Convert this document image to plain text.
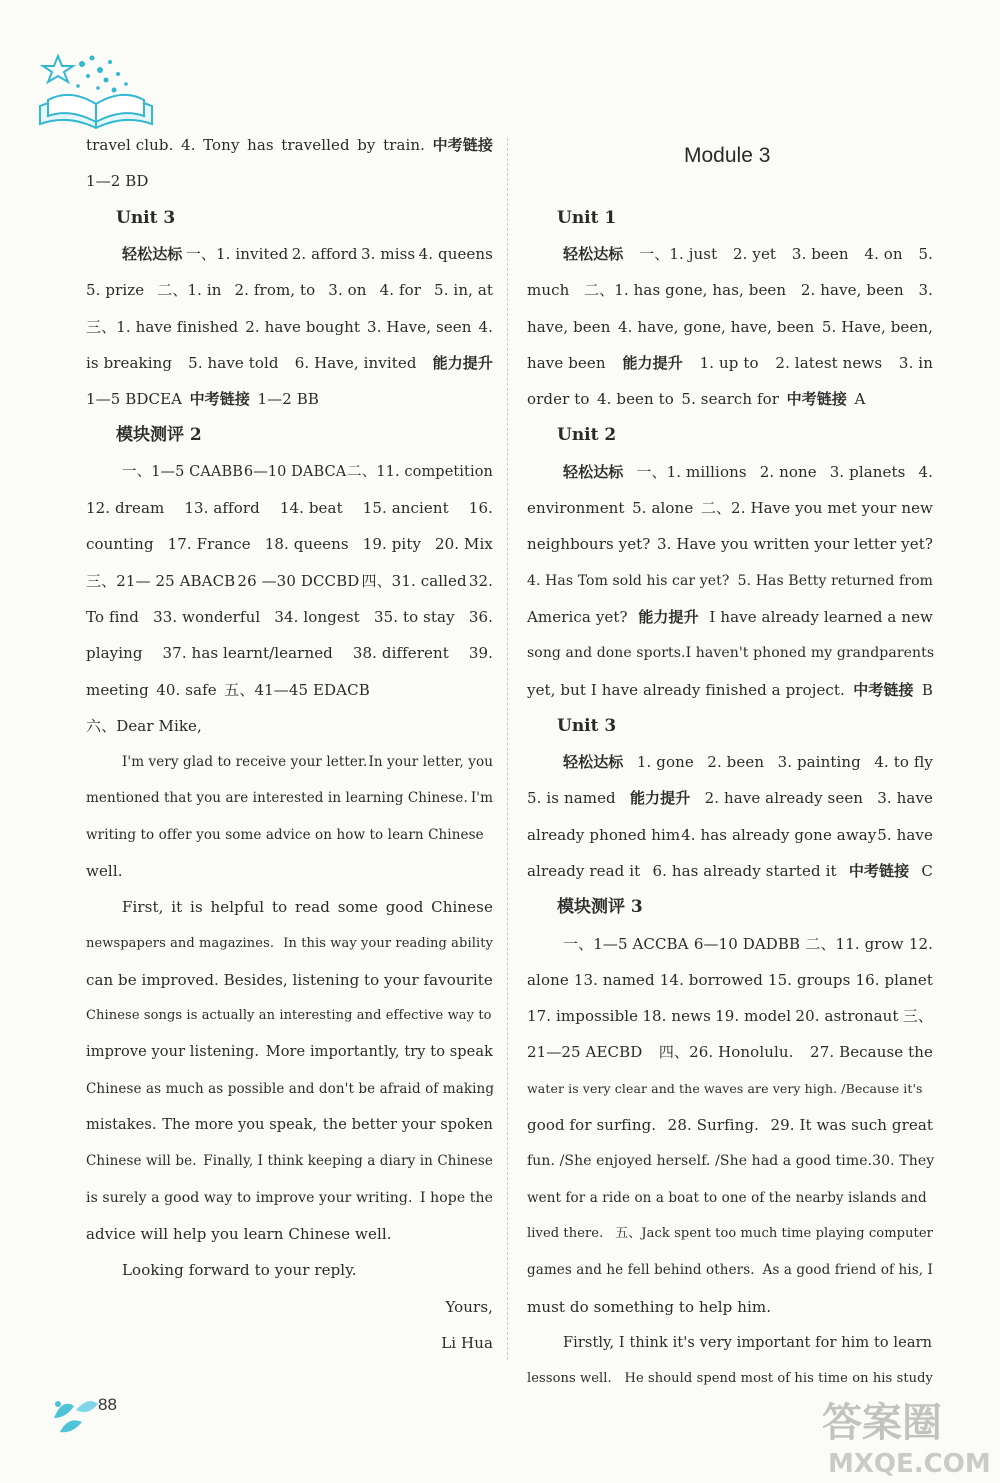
travel club. 4. Tony has travelled by train. 中考链接
1—2 BD
Unit 3
轻松达标 一、1. invited 2. afford 3. miss 4. queens
5. prize 二、1. in 2. from, to 3. on 4. for 5. in, at
三、1. have finished 2. have bought 3. Have, seen 4.
is breaking 5. have told 6. Have, invited 能力提升
1—5 BDCEA 中考链接 1—2 BB
模块测评 2
一、1—5 CAABB 6—10 DABCA 二、11. competition
12. dream 13. afford 14. beat 15. ancient 16.
counting 17. France 18. queens 19. pity 20. Mix
三、21— 25 ABACB 26 —30 DCCBD 四、31. called 32.
To find 33. wonderful 34. longest 35. to stay 36.
playing 37. has learnt/learned 38. different 39.
meeting 40. safe 五、41—45 EDACB
六、Dear Mike,
I'm very glad to receive your letter. In your letter, you
mentioned that you are interested in learning Chinese. I'm
writing to offer you some advice on how to learn Chinese
well.
First, it is helpful to read some good Chinese
newspapers and magazines. In this way your reading ability
can be improved. Besides, listening to your favourite
Chinese songs is actually an interesting and effective way to
improve your listening. More importantly, try to speak
Chinese as much as possible and don't be afraid of making
mistakes. The more you speak, the better your spoken
Chinese will be. Finally, I think keeping a diary in Chinese
is surely a good way to improve your writing. I hope the
advice will help you learn Chinese well.
Looking forward to your reply.
Yours,
Li Hua
Module 3
Unit 1
轻松达标 一、1. just 2. yet 3. been 4. on 5.
much 二、1. has gone, has, been 2. have, been 3.
have, been 4. have, gone, have, been 5. Have, been,
have been 能力提升 1. up to 2. latest news 3. in
order to 4. been to 5. search for 中考链接 A
Unit 2
轻松达标 一、1. millions 2. none 3. planets 4.
environment 5. alone 二、2. Have you met your new
neighbours yet? 3. Have you written your letter yet?
4. Has Tom sold his car yet? 5. Has Betty returned from
America yet? 能力提升 I have already learned a new
song and done sports. I haven't phoned my grandparents
yet, but I have already finished a project. 中考链接 B
Unit 3
轻松达标 1. gone 2. been 3. painting 4. to fly
5. is named 能力提升 2. have already seen 3. have
already phoned him 4. has already gone away 5. have
already read it 6. has already started it 中考链接 C
模块测评 3
一、1—5 ACCBA 6—10 DADBB 二、11. grow 12.
alone 13. named 14. borrowed 15. groups 16. planet
17. impossible 18. news 19. model 20. astronaut 三、
21—25 AECBD 四、26. Honolulu. 27. Because the
water is very clear and the waves are very high. /Because it's
good for surfing. 28. Surfing. 29. It was such great
fun. /She enjoyed herself. /She had a good time. 30. They
went for a ride on a boat to one of the nearby islands and
lived there. 五、Jack spent too much time playing computer
games and he fell behind others. As a good friend of his, I
must do something to help him.
Firstly, I think it's very important for him to learn
lessons well. He should spend most of his time on his study
88	答案圈
MXQE.COM
